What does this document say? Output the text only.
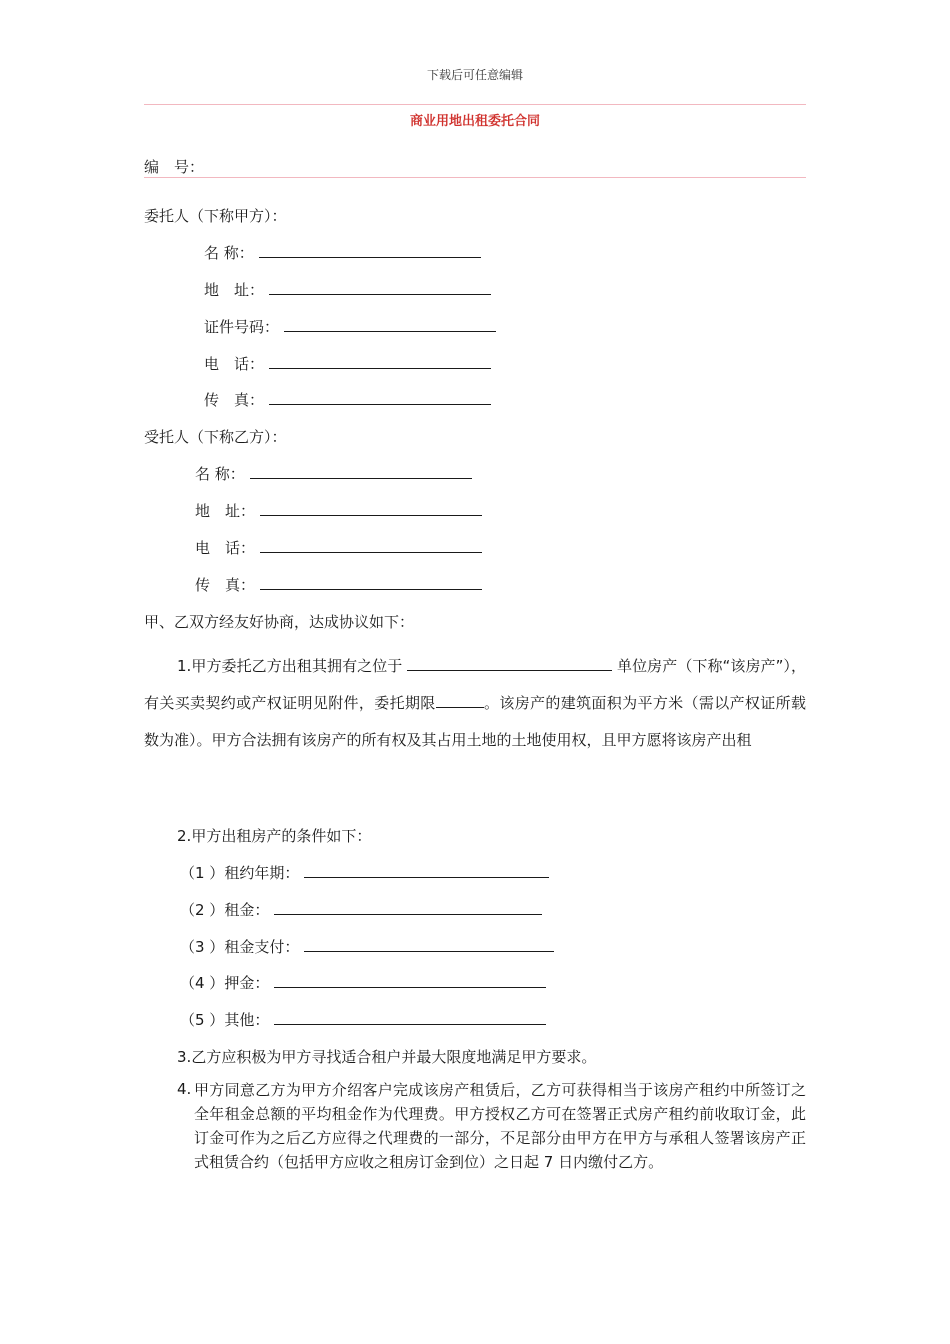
下载后可任意编辑
商业用地出租委托合同
编　号：
委托人（下称甲方）：
名 称：
地　址：
证件号码：
电　话：
传　真：
受托人（下称乙方）：
名 称：
地　址：
电　话：
传　真：
甲、乙双方经友好协商，达成协议如下：
1.甲方委托乙方出租其拥有之位于	单位房产（下称“该房产”），有关买卖契约或产权证明见附件，委托期限	。该房产的建筑面积为平方米（需以产权证所载数为准）。甲方合法拥有该房产的所有权及其占用土地的土地使用权，且甲方愿将该房产出租
2.甲方出租房产的条件如下：
（1 ）租约年期：
（2 ）租金：
（3 ）租金支付：
（4 ）押金：
（5 ）其他：
3.乙方应积极为甲方寻找适合租户并最大限度地满足甲方要求。
4. 甲方同意乙方为甲方介绍客户完成该房产租赁后，乙方可获得相当于该房产租约中所签订之全年租金总额的平均租金作为代理费。甲方授权乙方可在签署正式房产租约前收取订金，此订金可作为之后乙方应得之代理费的一部分，不足部分由甲方在甲方与承租人签署该房产正式租赁合约（包括甲方应收之租房订金到位）之日起 7 日内缴付乙方。
